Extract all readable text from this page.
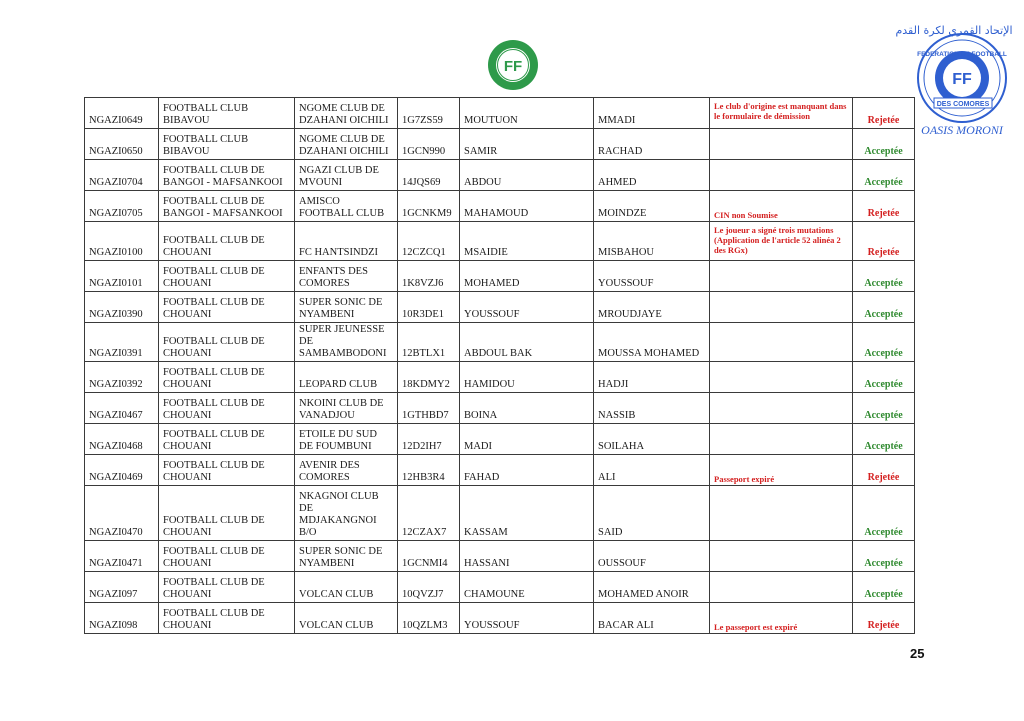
FF
الإتحاد القمري لكرة القدم
FF
FEDERATION DE FOOTBALL
DES COMORES
OASIS MORONI
NGAZI0649	FOOTBALL CLUB BIBAVOU	NGOME CLUB DE DZAHANI OICHILI	1G7ZS59	MOUTUON	MMADI	Le club d'origine est manquant dans le formulaire de démission	Rejetée
NGAZI0650	FOOTBALL CLUB BIBAVOU	NGOME CLUB DE DZAHANI OICHILI	1GCN990	SAMIR	RACHAD		Acceptée
NGAZI0704	FOOTBALL CLUB DE BANGOI - MAFSANKOOI	NGAZI CLUB DE MVOUNI	14JQS69	ABDOU	AHMED		Acceptée
NGAZI0705	FOOTBALL CLUB DE BANGOI - MAFSANKOOI	AMISCO FOOTBALL CLUB	1GCNKM9	MAHAMOUD	MOINDZE	CIN non Soumise	Rejetée
NGAZI0100	FOOTBALL CLUB DE CHOUANI	FC HANTSINDZI	12CZCQ1	MSAIDIE	MISBAHOU	Le joueur a signé trois mutations (Application de l'article 52 alinéa 2 des RGx)	Rejetée
NGAZI0101	FOOTBALL CLUB DE CHOUANI	ENFANTS DES COMORES	1K8VZJ6	MOHAMED	YOUSSOUF		Acceptée
NGAZI0390	FOOTBALL CLUB DE CHOUANI	SUPER SONIC DE NYAMBENI	10R3DE1	YOUSSOUF	MROUDJAYE		Acceptée
NGAZI0391	FOOTBALL CLUB DE CHOUANI	SUPER JEUNESSE DE SAMBAMBODONI	12BTLX1	ABDOUL BAK	MOUSSA MOHAMED		Acceptée
NGAZI0392	FOOTBALL CLUB DE CHOUANI	LEOPARD CLUB	18KDMY2	HAMIDOU	HADJI		Acceptée
NGAZI0467	FOOTBALL CLUB DE CHOUANI	NKOINI CLUB DE VANADJOU	1GTHBD7	BOINA	NASSIB		Acceptée
NGAZI0468	FOOTBALL CLUB DE CHOUANI	ETOILE DU SUD DE FOUMBUNI	12D2IH7	MADI	SOILAHA		Acceptée
NGAZI0469	FOOTBALL CLUB DE CHOUANI	AVENIR DES COMORES	12HB3R4	FAHAD	ALI	Passeport expiré	Rejetée
NGAZI0470	FOOTBALL CLUB DE CHOUANI	NKAGNOI CLUB DE MDJAKANGNOI B/O	12CZAX7	KASSAM	SAID		Acceptée
NGAZI0471	FOOTBALL CLUB DE CHOUANI	SUPER SONIC DE NYAMBENI	1GCNMI4	HASSANI	OUSSOUF		Acceptée
NGAZI097	FOOTBALL CLUB DE CHOUANI	VOLCAN CLUB	10QVZJ7	CHAMOUNE	MOHAMED ANOIR		Acceptée
NGAZI098	FOOTBALL CLUB DE CHOUANI	VOLCAN CLUB	10QZLM3	YOUSSOUF	BACAR ALI	Le passeport est expiré	Rejetée
25
